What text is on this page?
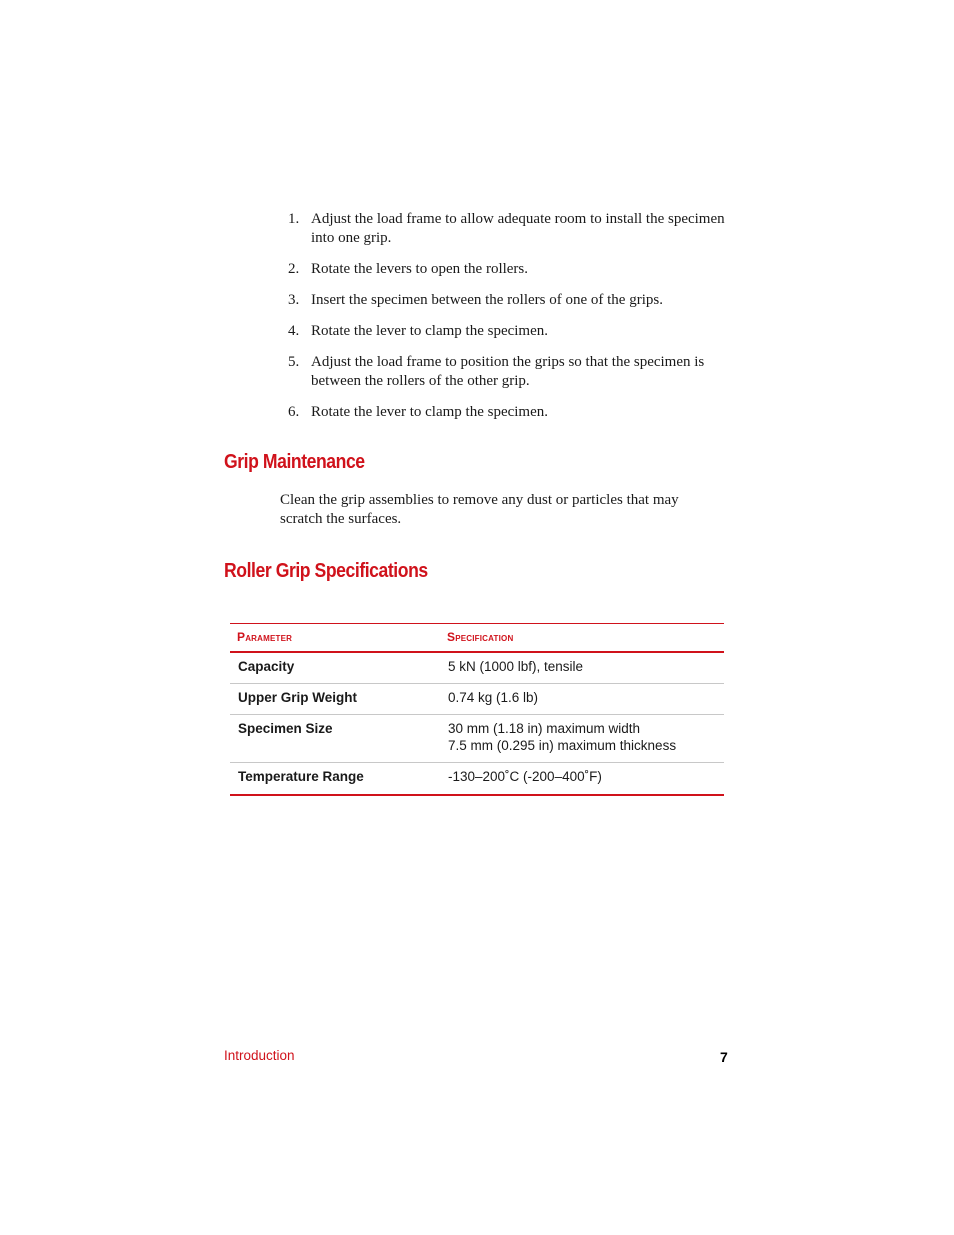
1. Adjust the load frame to allow adequate room to install the specimen into one grip.
2. Rotate the levers to open the rollers.
3. Insert the specimen between the rollers of one of the grips.
4. Rotate the lever to clamp the specimen.
5. Adjust the load frame to position the grips so that the specimen is between the rollers of the other grip.
6. Rotate the lever to clamp the specimen.
Grip Maintenance

Clean the grip assemblies to remove any dust or particles that may scratch the surfaces.

Roller Grip Specifications
Parameter	Specification
Capacity	5 kN (1000 lbf), tensile

Upper Grip Weight	0.74 kg (1.6 lb)

Specimen Size	30 mm (1.18 in) maximum width
7.5 mm (0.295 in) maximum thickness

Temperature Range	-130–200˚C (-200–400˚F)
Introduction	7
